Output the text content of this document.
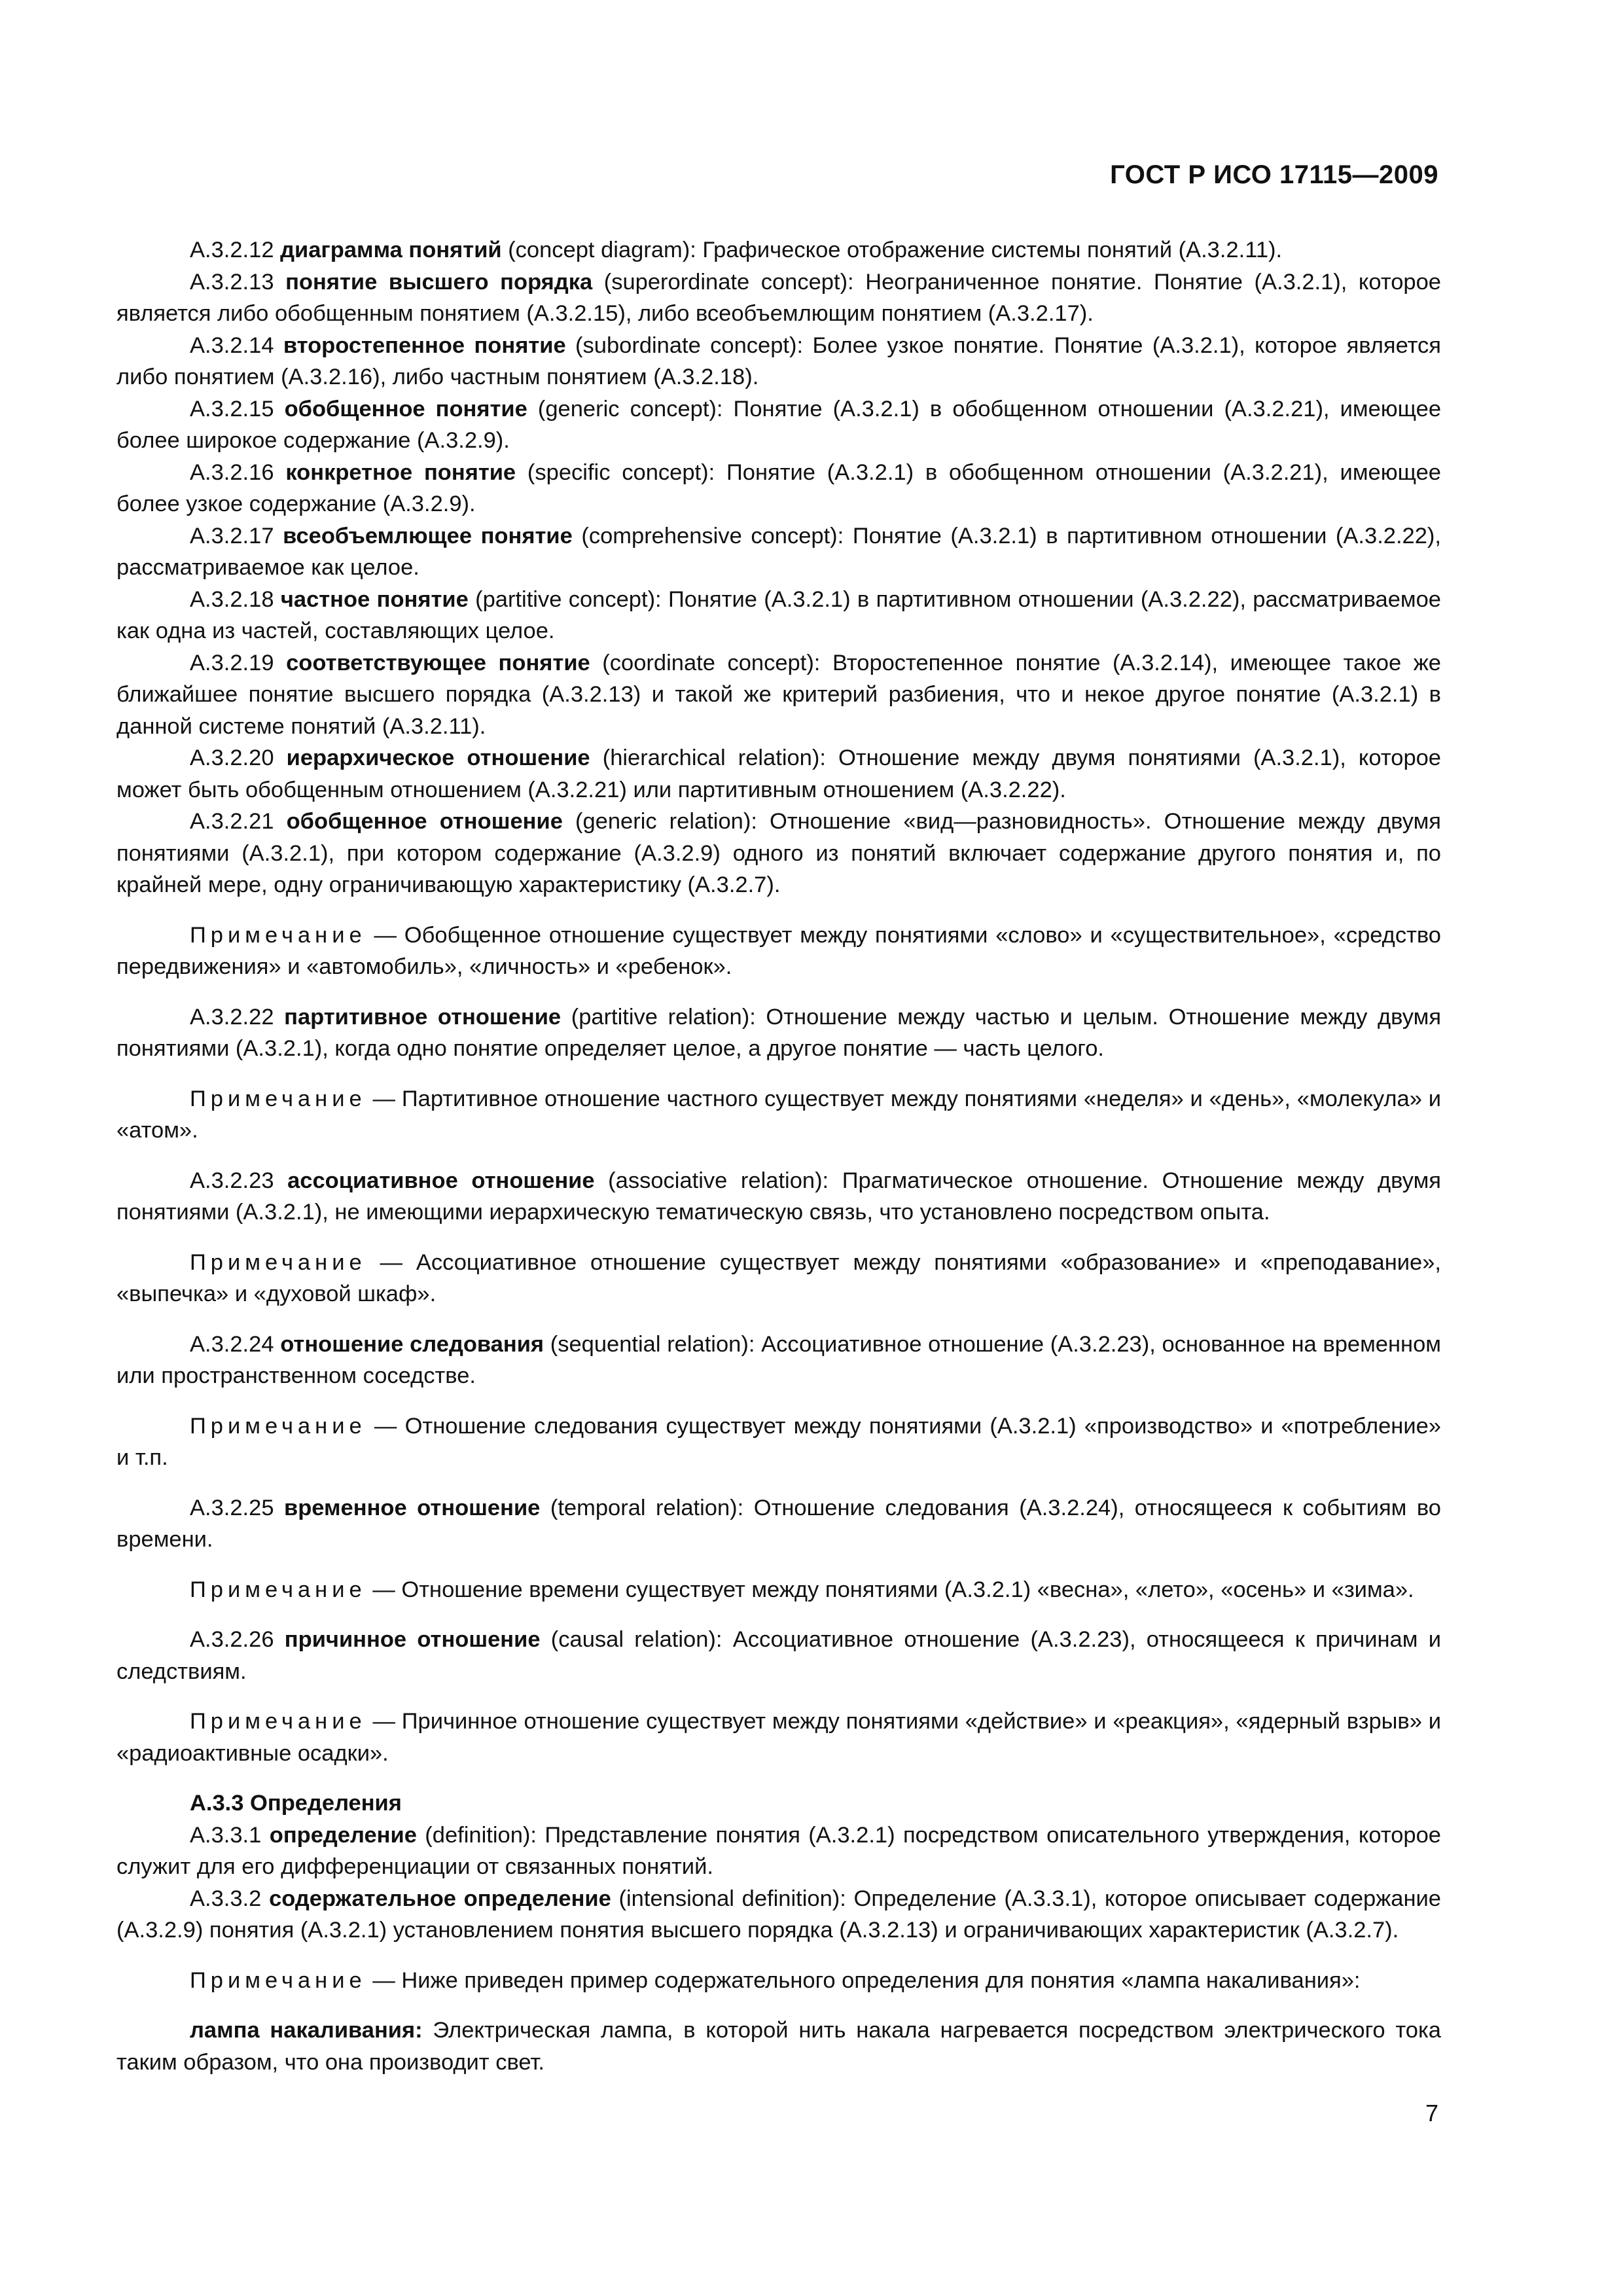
ГОСТ Р ИСО 17115—2009

A.3.2.12 диаграмма понятий (concept diagram): Графическое отображение системы понятий (А.3.2.11).

A.3.2.13 понятие высшего порядка (superordinate concept): Неограниченное понятие. Понятие (А.3.2.1), которое является либо обобщенным понятием (А.3.2.15), либо всеобъемлющим понятием (А.3.2.17).

A.3.2.14 второстепенное понятие (subordinate concept): Более узкое понятие. Понятие (А.3.2.1), которое является либо понятием (А.3.2.16), либо частным понятием (А.3.2.18).

A.3.2.15 обобщенное понятие (generic concept): Понятие (А.3.2.1) в обобщенном отношении (А.3.2.21), имеющее более широкое содержание (А.3.2.9).

A.3.2.16 конкретное понятие (specific concept): Понятие (А.3.2.1) в обобщенном отношении (А.3.2.21), имеющее более узкое содержание (А.3.2.9).

A.3.2.17 всеобъемлющее понятие (comprehensive concept): Понятие (А.3.2.1) в партитивном отношении (А.3.2.22), рассматриваемое как целое.

A.3.2.18 частное понятие (partitive concept): Понятие (А.3.2.1) в партитивном отношении (А.3.2.22), рассматриваемое как одна из частей, составляющих целое.

A.3.2.19 соответствующее понятие (coordinate concept): Второстепенное понятие (А.3.2.14), имеющее такое же ближайшее понятие высшего порядка (А.3.2.13) и такой же критерий разбиения, что и некое другое понятие (А.3.2.1) в данной системе понятий (А.3.2.11).

A.3.2.20 иерархическое отношение (hierarchical relation): Отношение между двумя понятиями (А.3.2.1), которое может быть обобщенным отношением (А.3.2.21) или партитивным отношением (А.3.2.22).

A.3.2.21 обобщенное отношение (generic relation): Отношение «вид—разновидность». Отношение между двумя понятиями (А.3.2.1), при котором содержание (А.3.2.9) одного из понятий включает содержание другого понятия и, по крайней мере, одну ограничивающую характеристику (А.3.2.7).

Примечание — Обобщенное отношение существует между понятиями «слово» и «существительное», «средство передвижения» и «автомобиль», «личность» и «ребенок».

A.3.2.22 партитивное отношение (partitive relation): Отношение между частью и целым. Отношение между двумя понятиями (А.3.2.1), когда одно понятие определяет целое, а другое понятие — часть целого.

Примечание — Партитивное отношение частного существует между понятиями «неделя» и «день», «молекула» и «атом».

A.3.2.23 ассоциативное отношение (associative relation): Прагматическое отношение. Отношение между двумя понятиями (А.3.2.1), не имеющими иерархическую тематическую связь, что установлено посредством опыта.

Примечание — Ассоциативное отношение существует между понятиями «образование» и «преподавание», «выпечка» и «духовой шкаф».

A.3.2.24 отношение следования (sequential relation): Ассоциативное отношение (А.3.2.23), основанное на временном или пространственном соседстве.

Примечание — Отношение следования существует между понятиями (А.3.2.1) «производство» и «потребление» и т.п.

A.3.2.25 временное отношение (temporal relation): Отношение следования (А.3.2.24), относящееся к событиям во времени.

Примечание — Отношение времени существует между понятиями (А.3.2.1) «весна», «лето», «осень» и «зима».

A.3.2.26 причинное отношение (causal relation): Ассоциативное отношение (А.3.2.23), относящееся к причинам и следствиям.

Примечание — Причинное отношение существует между понятиями «действие» и «реакция», «ядерный взрыв» и «радиоактивные осадки».

А.3.3 Определения

A.3.3.1 определение (definition): Представление понятия (А.3.2.1) посредством описательного утверждения, которое служит для его дифференциации от связанных понятий.

A.3.3.2 содержательное определение (intensional definition): Определение (А.3.3.1), которое описывает содержание (А.3.2.9) понятия (А.3.2.1) установлением понятия высшего порядка (А.3.2.13) и ограничивающих характеристик (А.3.2.7).

Примечание — Ниже приведен пример содержательного определения для понятия «лампа накаливания»:

лампа накаливания: Электрическая лампа, в которой нить накала нагревается посредством электрического тока таким образом, что она производит свет.

7
